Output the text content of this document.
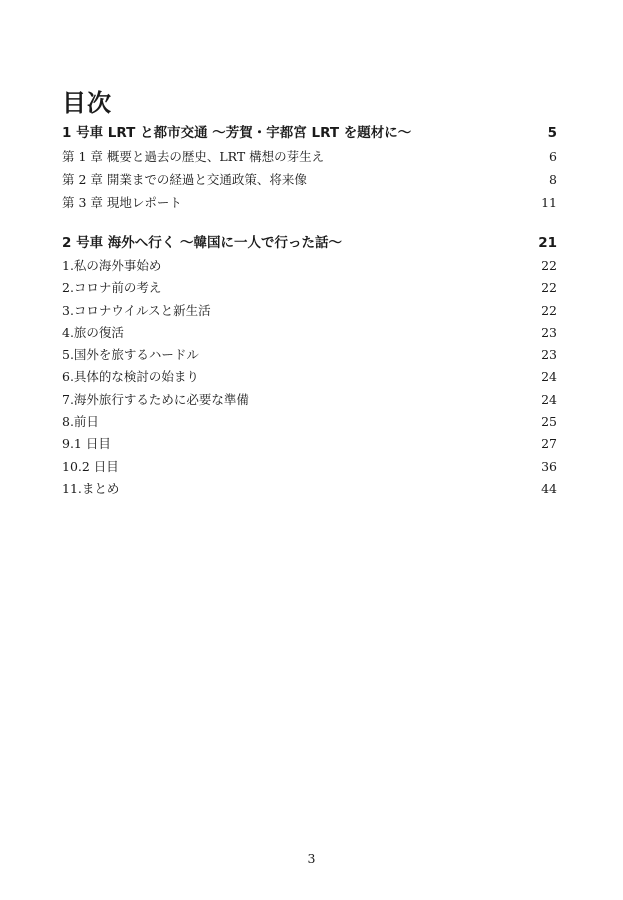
目次
1 号車 LRT と都市交通 ～芳賀・宇都宮 LRT を題材に～	5
第 1 章 概要と過去の歴史、LRT 構想の芽生え	6
第 2 章 開業までの経過と交通政策、将来像	8
第 3 章 現地レポート	11
2 号車 海外へ行く ～韓国に一人で行った話～	21
1.私の海外事始め	22
2.コロナ前の考え	22
3.コロナウイルスと新生活	22
4.旅の復活	23
5.国外を旅するハードル	23
6.具体的な検討の始まり	24
7.海外旅行するために必要な準備	24
8.前日	25
9.1 日目	27
10.2 日目	36
11.まとめ	44
3
